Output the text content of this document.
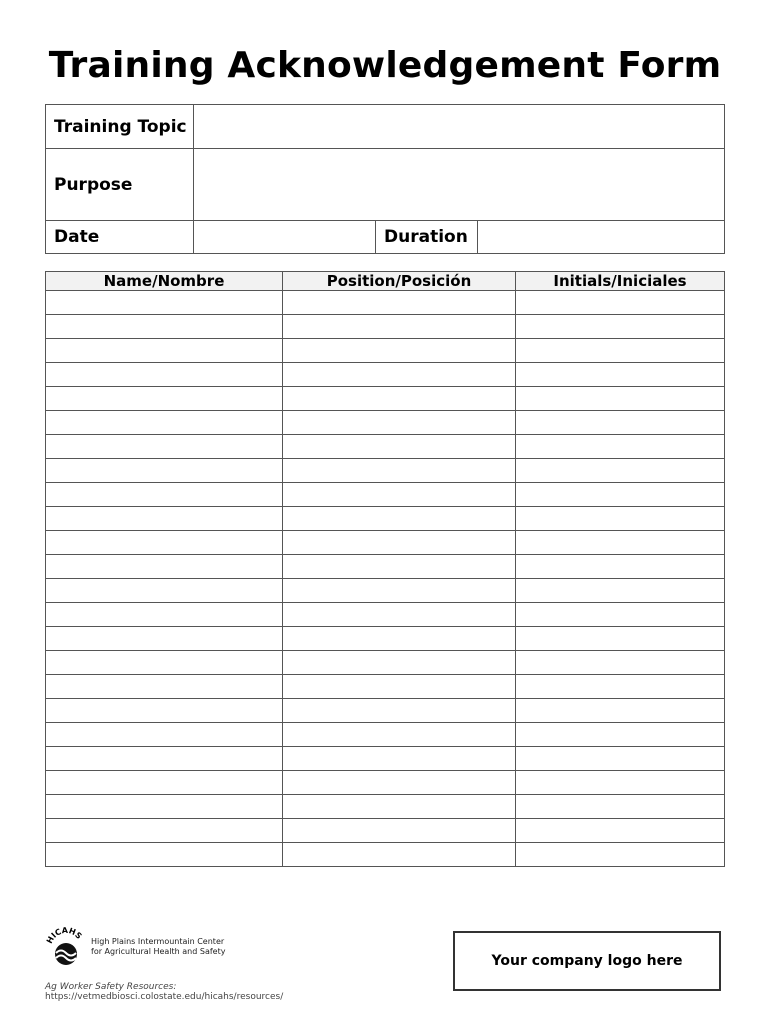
Training Acknowledgement Form
Training Topic			
Purpose			
Date		Duration	
Name/Nombre	Position/Posición	Initials/Iniciales

HICAHS
High Plains Intermountain Center
for Agricultural Health and Safety
Ag Worker Safety Resources:
https://vetmedbiosci.colostate.edu/hicahs/resources/
Your company logo here
